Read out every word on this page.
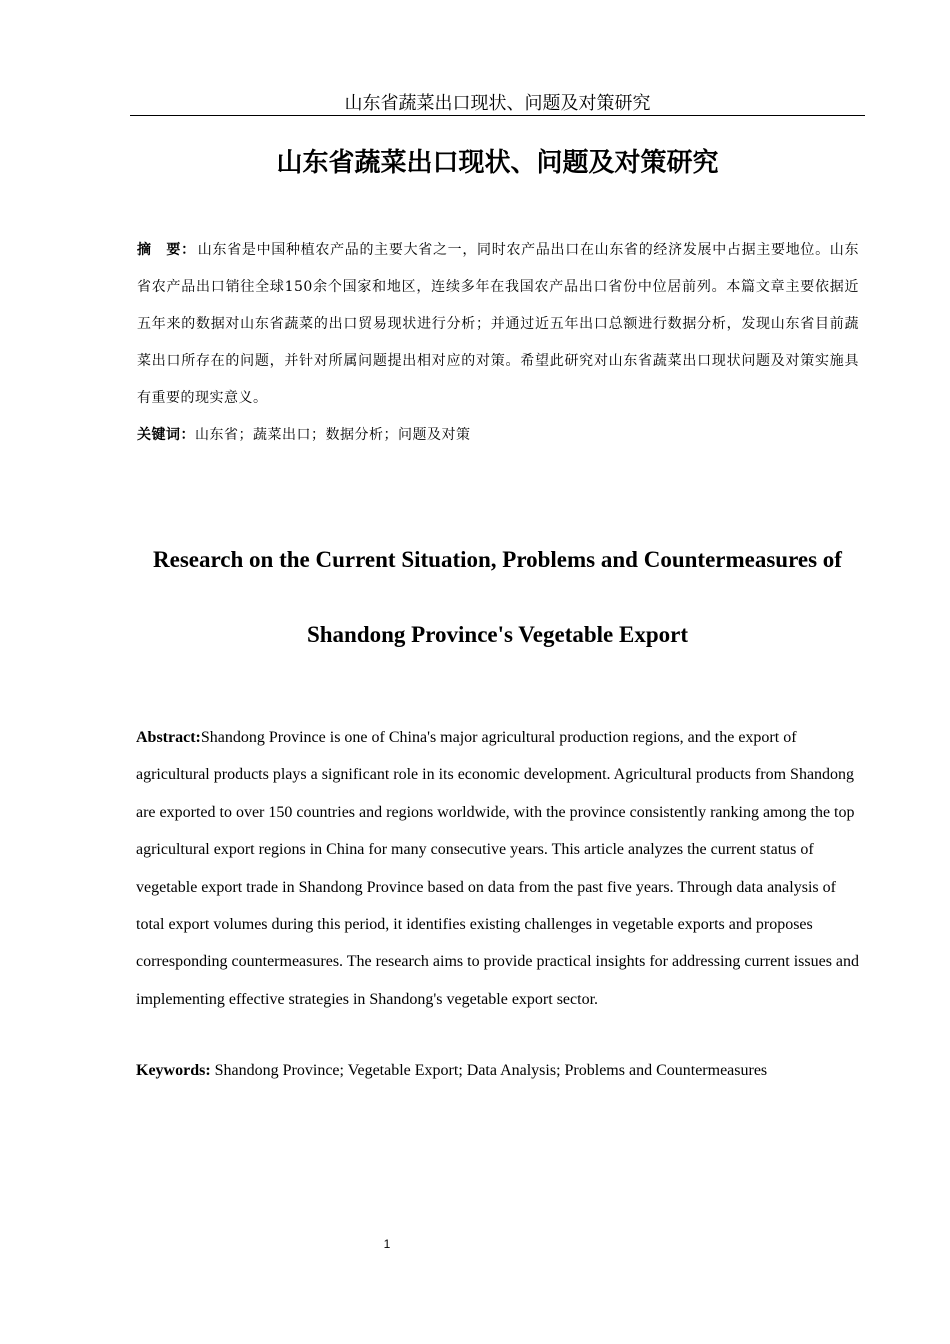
山东省蔬菜出口现状、问题及对策研究
山东省蔬菜出口现状、问题及对策研究
摘　要： 山东省是中国种植农产品的主要大省之一，同时农产品出口在山东省的经济发展中占据主要地位。山东省农产品出口销往全球150余个国家和地区，连续多年在我国农产品出口省份中位居前列。本篇文章主要依据近五年来的数据对山东省蔬菜的出口贸易现状进行分析；并通过近五年出口总额进行数据分析，发现山东省目前蔬菜出口所存在的问题，并针对所属问题提出相对应的对策。希望此研究对山东省蔬菜出口现状问题及对策实施具有重要的现实意义。
关键词：山东省；蔬菜出口；数据分析；问题及对策
Research on the Current Situation, Problems and Countermeasures of
Shandong Province's Vegetable Export
Abstract:Shandong Province is one of China's major agricultural production regions, and the export of agricultural products plays a significant role in its economic development. Agricultural products from Shandong are exported to over 150 countries and regions worldwide, with the province consistently ranking among the top agricultural export regions in China for many consecutive years. This article analyzes the current status of vegetable export trade in Shandong Province based on data from the past five years. Through data analysis of total export volumes during this period, it identifies existing challenges in vegetable exports and proposes corresponding countermeasures. The research aims to provide practical insights for addressing current issues and implementing effective strategies in Shandong's vegetable export sector.
Keywords: Shandong Province; Vegetable Export; Data Analysis; Problems and Countermeasures
1
